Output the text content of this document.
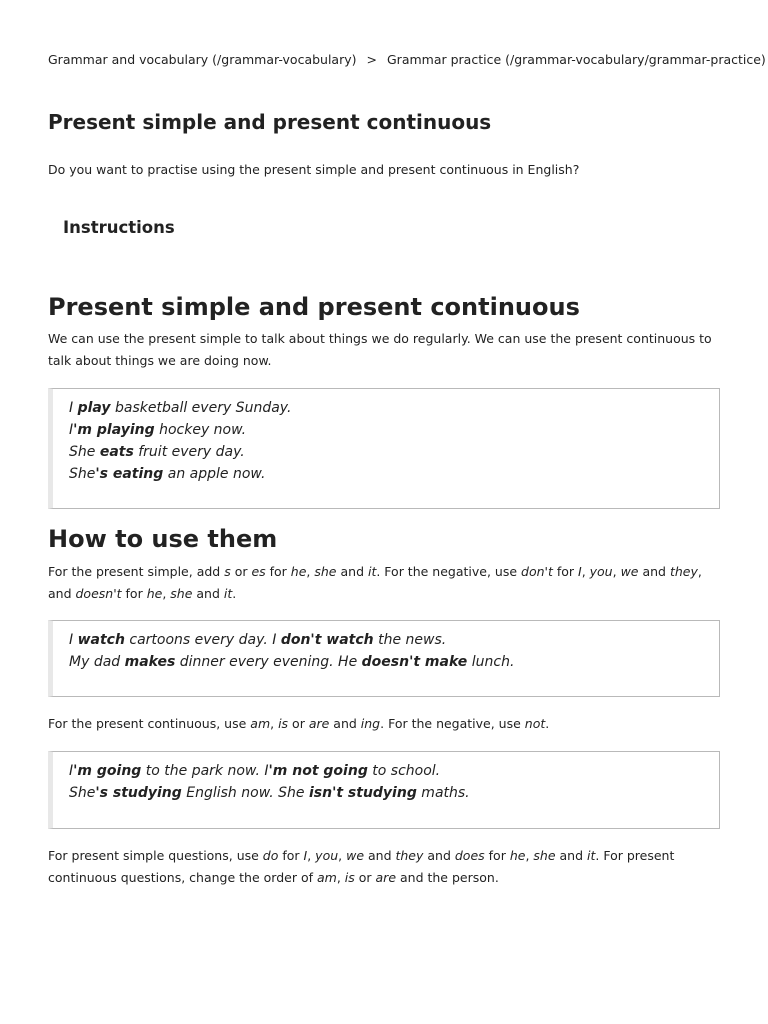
Grammar and vocabulary (/grammar-vocabulary) > Grammar practice (/grammar-vocabulary/grammar-practice)
Present simple and present continuous

Do you want to practise using the present simple and present continuous in English?

Instructions
Present simple and present continuous

We can use the present simple to talk about things we do regularly. We can use the present continuous to talk about things we are doing now.

I play basketball every Sunday.
I'm playing hockey now.
She eats fruit every day.
She's eating an apple now.
How to use them

For the present simple, add s or es for he, she and it. For the negative, use don't for I, you, we and they, and doesn't for he, she and it.

I watch cartoons every day. I don't watch the news.
My dad makes dinner every evening. He doesn't make lunch.

For the present continuous, use am, is or are and ing. For the negative, use not.

I'm going to the park now. I'm not going to school.
She's studying English now. She isn't studying maths.

For present simple questions, use do for I, you, we and they and does for he, she and it. For present continuous questions, change the order of am, is or are and the person.
